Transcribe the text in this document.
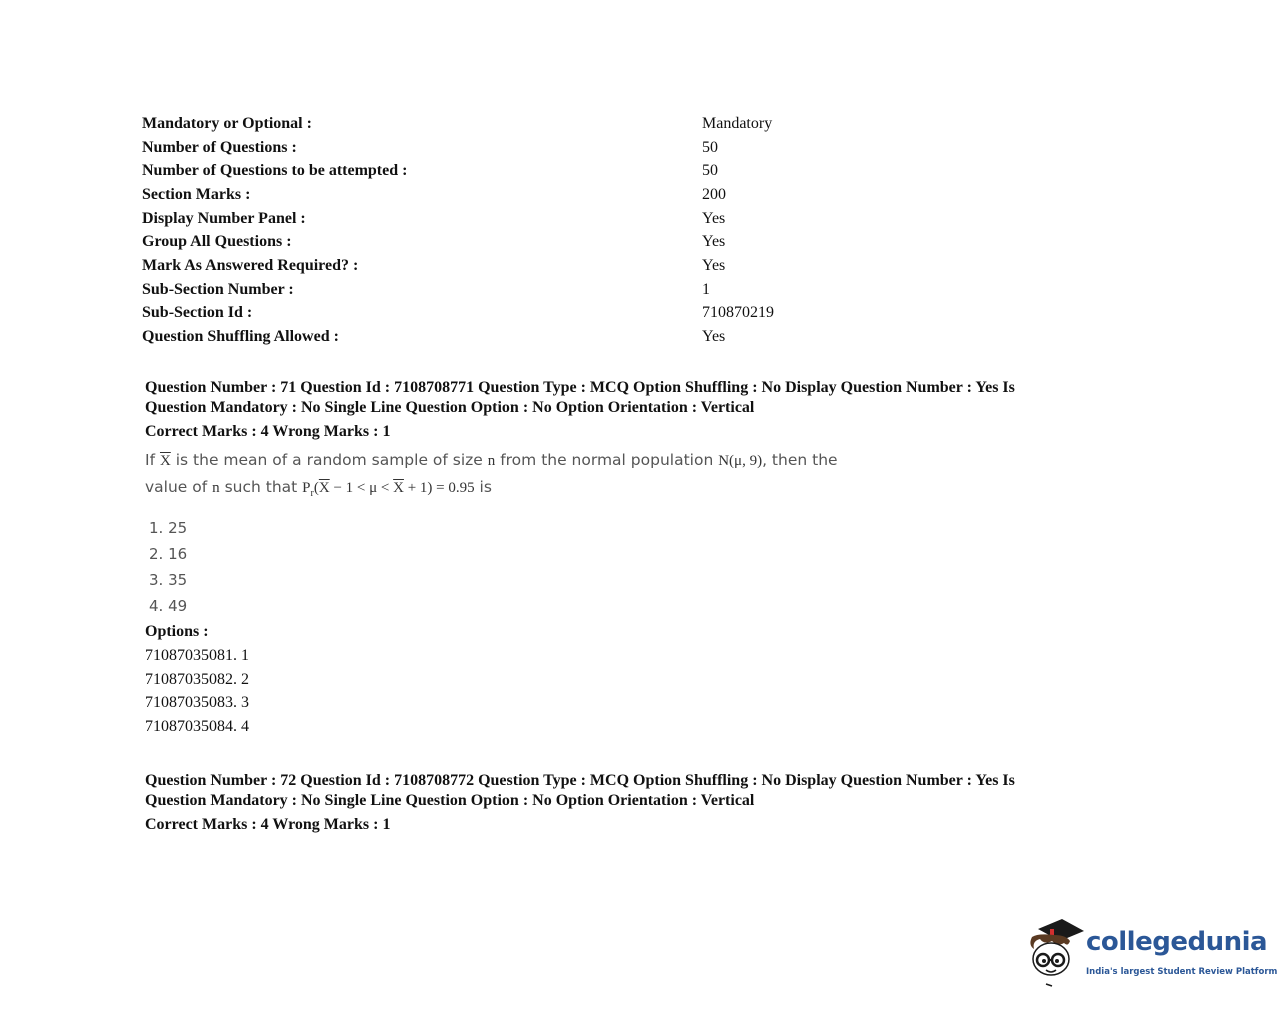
Mandatory or Optional :	Mandatory
Number of Questions :	50
Number of Questions to be attempted :	50
Section Marks :	200
Display Number Panel :	Yes
Group All Questions :	Yes
Mark As Answered Required? :	Yes
Sub-Section Number :	1
Sub-Section Id :	710870219
Question Shuffling Allowed :	Yes
Question Number : 71 Question Id : 7108708771 Question Type : MCQ Option Shuffling : No Display Question Number : Yes Is
Question Mandatory : No Single Line Question Option : No Option Orientation : Vertical
Correct Marks : 4 Wrong Marks : 1
If $\overline{X}$ is the mean of a random sample of size n from the normal population N(μ, 9), then the
value of n such that $P_r(\overline{X} - 1 < \mu < \overline{X} + 1) = 0.95$ is
1. 25
2. 16
3. 35
4. 49
Options :
71087035081. 1
71087035082. 2
71087035083. 3
71087035084. 4
Question Number : 72 Question Id : 7108708772 Question Type : MCQ Option Shuffling : No Display Question Number : Yes Is
Question Mandatory : No Single Line Question Option : No Option Orientation : Vertical
Correct Marks : 4 Wrong Marks : 1
collegedunia
India's largest Student Review Platform
